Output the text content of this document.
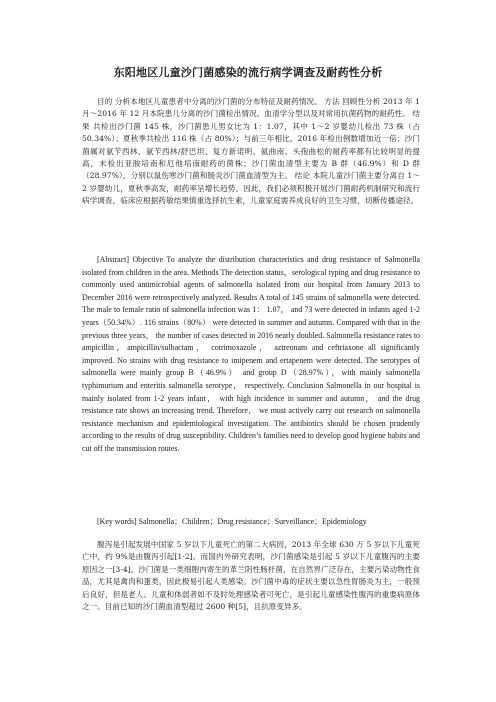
东阳地区儿童沙门菌感染的流行病学调查及耐药性分析

目的 分析本地区儿童患者中分离的沙门菌的分布特征及耐药情况。 方法 回顾性分析 2013 年 1 月～2016 年 12 月本院患儿分离的沙门菌检出情况、血清学分型以及对常用抗菌药物的耐药性。 结果 共检出沙门菌 145 株，沙门菌患儿男女比为 1：1.07，其中 1～2 岁婴幼儿检出 73 株（占 50.34%）；夏秋季共检出 116 株（占 80%）；与前三年相比，2016 年检出例数增加近一倍；沙门菌属对氨苄西林、氨苄西林/舒巴坦、复方新诺明、氨曲南、头孢曲松的耐药率都有比较明显的提高，未检出亚胺培南和厄他培南耐药的菌株；沙门菌血清型主要为 B 群（46.9%）和 D 群（28.97%），分别以鼠伤寒沙门菌和肠炎沙门菌血清型为主。 结论 本院儿童沙门菌主要分离自 1～2 岁婴幼儿，夏秋季高发，耐药率呈增长趋势。因此，我们必须积极开展沙门菌耐药机制研究和流行病学调查，临床应根据药敏结果慎重选择抗生素，儿童家庭需养成良好的卫生习惯，切断传播途径。

[Abstract] Objective To analyze the distribution characteristics and drug resistance of Salmonella isolated from children in the area. Methods The detection status，serological typing and drug resistance to commonly used antimicrobial agents of salmonella isolated from our hospital from January 2013 to December 2016 were retrospectively analyzed. Results A total of 145 strains of salmonella were detected. The male to female ratio of salmonella infection was 1： 1.07， and 73 were detected in infants aged 1-2 years（50.34%）. 116 strains（80%） were detected in summer and autumn. Compared with that in the previous three years， the number of cases detected in 2016 nearly doubled. Salmonella resistance rates to ampicillin，ampicillin/sulbactam， cotrimoxazole， aztreonam and ceftriaxone all significantly improved. No strains with drug resistance to imipenem and ertapenem were detected. The serotypes of salmonella were mainly group B（46.9%） and group D（28.97%），with mainly salmonella typhimurium and enteritis salmonella serotype， respectively. Conclusion Salmonella in our hospital is mainly isolated from 1-2 years infant， with high incidence in summer and autumn， and the drug resistance rate shows an increasing trend. Therefore， we must actively carry out research on salmonella resistance mechanism and epidemiological investigation. The antibiotics should be chosen prudently according to the results of drug susceptibility. Children’s families need to develop good hygiene habits and cut off the transmission routes.

[Key words] Salmonella；Children；Drug resistance；Surveillance；Epidemiology

腹泻是引起发展中国家 5 岁以下儿童死亡的第二大病因，2013 年全球 630 万 5 岁以下儿童死亡中，约 9%是由腹泻引起[1-2]。而国内外研究表明，沙门菌感染是引起 5 岁以下儿童腹泻的主要原因之一[3-4]。沙门菌是一类细胞内寄生的革兰阴性肠杆菌，在自然界广泛存在，主要污染动物性食品，尤其是禽肉和蛋类，因此极易引起人类感染。沙门菌中毒的症状主要以急性胃肠炎为主，一般预后良好，但是老人、儿童和体弱者如不及时处理感染者可死亡，是引起儿童感染性腹泻的重要病原体之一。目前已知的沙门菌血清型超过 2600 种[5]，且抗原变异多。
